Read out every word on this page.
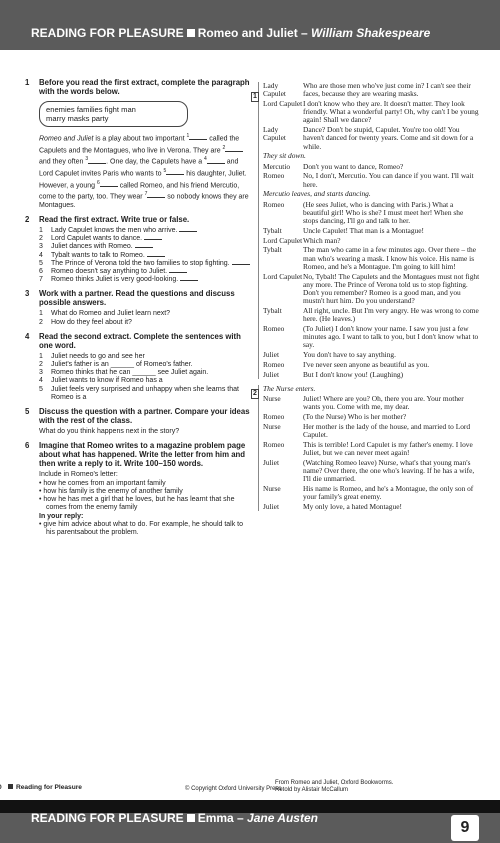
READING FOR PLEASURE Romeo and Juliet – William Shakespeare
1	Before you read the first extract, complete the paragraph with the words below.
enemies families fight man
marry masks party
Romeo and Juliet is a play about two important $^1$	called the Capulets and the Montagues, who live in Verona. They are $^2$ and they often $^3$	. One day, the Capulets have a $^4$	and Lord Capulet invites Paris who wants to $^5$	his daughter, Juliet. However, a young $^6$	called Romeo, and his friend Mercutio, come to the party, too. They wear $^7$	so nobody knows they are Montagues.
2	Read the first extract. Write true or false.
1	Lady Capulet knows the men who arrive.
2	Lord Capulet wants to dance.
3	Juliet dances with Romeo.
4	Tybalt wants to talk to Romeo.
5	The Prince of Verona told the two families to stop fighting.
6	Romeo doesn't say anything to Juliet.
7	Romeo thinks Juliet is very good-looking.
3	Work with a partner. Read the questions and discuss possible answers.
1	What do Romeo and Juliet learn next?
2	How do they feel about it?
4	Read the second extract. Complete the sentences with one word.
1	Juliet needs to go and see her
2	Juliet's father is an ______ of Romeo's father.
3	Romeo thinks that he can ______ see Juliet again.
4	Juliet wants to know if Romeo has a
5	Juliet feels very surprised and unhappy when she learns that Romeo is a
5	Discuss the question with a partner. Compare your ideas with the rest of the class.
What do you think happens next in the story?
6	Imagine that Romeo writes to a magazine problem page about what has happened. Write the letter from him and then write a reply to it. Write 100–150 words.
Include in Romeo's letter:
• how he comes from an important family
• how his family is the enemy of another family
• how he has met a girl that he loves, but he has learnt that she comes from the enemy family
In your reply:
• give him advice about what to do. For example, he should talk to his parentsabout the problem.
1
Lady Capulet
Who are those men who've just come in? I can't see their faces, because they are wearing masks.
Lord Capulet I don't know who they are. It doesn't matter. They look friendly. What a wonderful party! Oh, why can't I be young again! Shall we dance?
Lady Capulet
Dance? Don't be stupid, Capulet. You're too old! You haven't danced for twenty years. Come and sit down for a while.
They sit down.
Mercutio	Don't you want to dance, Romeo?
Romeo	No, I don't, Mercutio. You can dance if you want. I'll wait here.
Mercutio leaves, and starts dancing.
Romeo	(He sees Juliet, who is dancing with Paris.) What a beautiful girl! Who is she? I must meet her! When she stops dancing, I'll go and talk to her.
Tybalt	Uncle Capulet! That man is a Montague!
Lord Capulet Which man?
Tybalt	The man who came in a few minutes ago. Over there – the man who's wearing a mask. I know his voice. His name is Romeo, and he's a Montague. I'm going to kill him!
Lord Capulet No, Tybalt! The Capulets and the Montagues must not fight any more. The Prince of Verona told us to stop fighting. Don't you remember? Romeo is a good man, and you mustn't hurt him. Do you understand?
Tybalt	All right, uncle. But I'm very angry. He was wrong to come here. (He leaves.)
Romeo	(To Juliet) I don't know your name. I saw you just a few minutes ago. I want to talk to you, but I don't know what to say.
Juliet	You don't have to say anything.
Romeo	I've never seen anyone as beautiful as you.
Juliet	But I don't know you! (Laughing)
2
The Nurse enters.
Nurse	Juliet! Where are you? Oh, there you are. Your mother wants you. Come with me, my dear.
Romeo	(To the Nurse) Who is her mother?
Nurse	Her mother is the lady of the house, and married to Lord Capulet.
Romeo	This is terrible! Lord Capulet is my father's enemy. I love Juliet, but we can never meet again!
Juliet	(Watching Romeo leave) Nurse, what's that young man's name? Over there, the one who's leaving. If he has a wife, I'll die unmarried.
Nurse	His name is Romeo, and he's a Montague, the only son of your family's great enemy.
Juliet	My only love, a hated Montague!
Reading for Pleasure	© Copyright Oxford University Press
From Romeo and Juliet, Oxford Bookworms.
Retold by Alistair McCallum
READING FOR PLEASURE Emma – Jane Austen
9
